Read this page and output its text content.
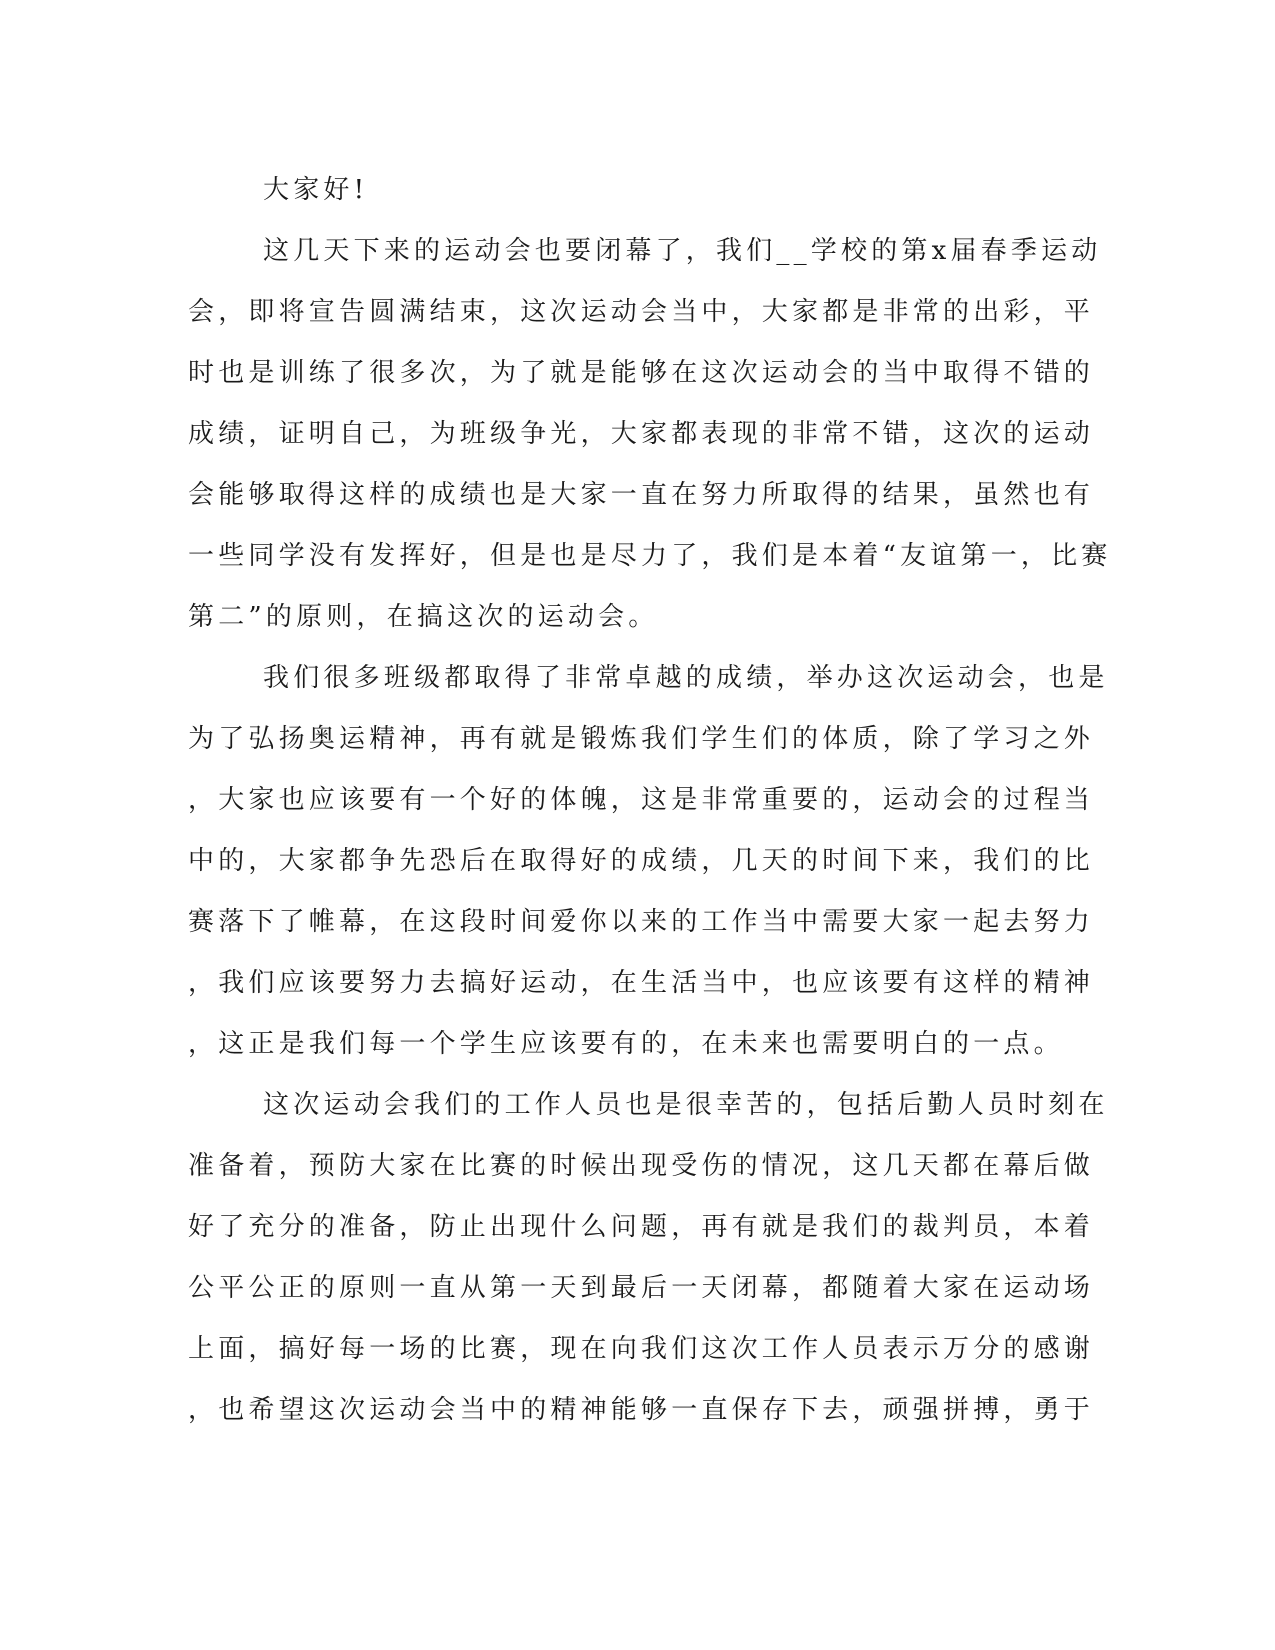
大家好!
这几天下来的运动会也要闭幕了，我们__学校的第x届春季运动
会，即将宣告圆满结束，这次运动会当中，大家都是非常的出彩，平
时也是训练了很多次，为了就是能够在这次运动会的当中取得不错的
成绩，证明自己，为班级争光，大家都表现的非常不错，这次的运动
会能够取得这样的成绩也是大家一直在努力所取得的结果，虽然也有
一些同学没有发挥好，但是也是尽力了，我们是本着“友谊第一，比赛
第二”的原则，在搞这次的运动会。
我们很多班级都取得了非常卓越的成绩，举办这次运动会，也是
为了弘扬奥运精神，再有就是锻炼我们学生们的体质，除了学习之外
，大家也应该要有一个好的体魄，这是非常重要的，运动会的过程当
中的，大家都争先恐后在取得好的成绩，几天的时间下来，我们的比
赛落下了帷幕，在这段时间爱你以来的工作当中需要大家一起去努力
，我们应该要努力去搞好运动，在生活当中，也应该要有这样的精神
，这正是我们每一个学生应该要有的，在未来也需要明白的一点。
这次运动会我们的工作人员也是很幸苦的，包括后勤人员时刻在
准备着，预防大家在比赛的时候出现受伤的情况，这几天都在幕后做
好了充分的准备，防止出现什么问题，再有就是我们的裁判员，本着
公平公正的原则一直从第一天到最后一天闭幕，都随着大家在运动场
上面，搞好每一场的比赛，现在向我们这次工作人员表示万分的感谢
，也希望这次运动会当中的精神能够一直保存下去，顽强拼搏，勇于
